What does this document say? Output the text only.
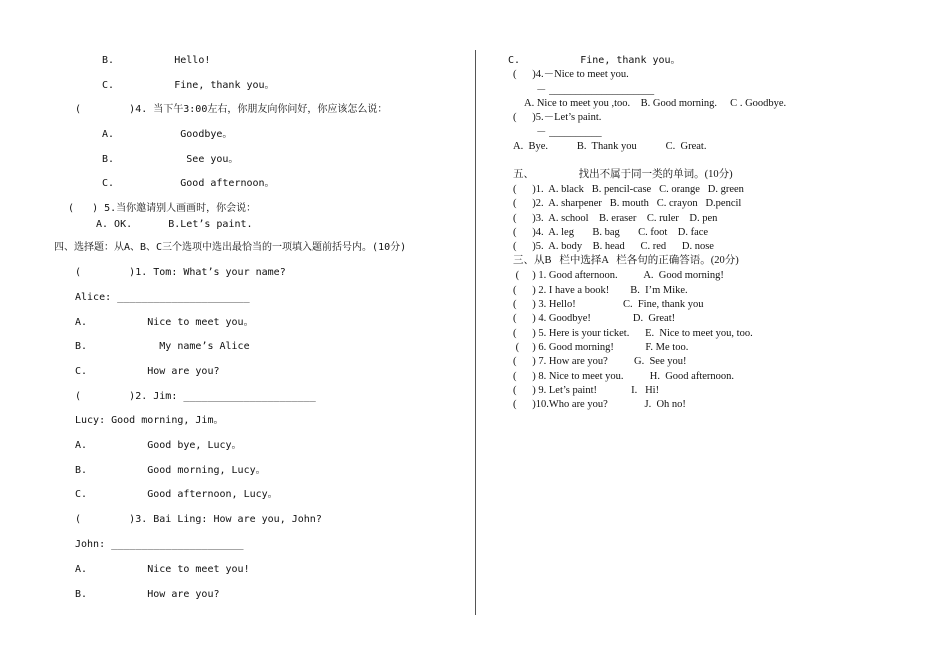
B.          Hello!
C.          Fine, thank you。
(        )4. 当下午3:00左右，你朋友向你问好，你应该怎么说：
A.           Goodbye。
B.            See you。
C.           Good afternoon。
(   ) 5.当你邀请别人画画时，你会说：
A. OK.      B.Let’s paint.
四、选择题：从A、B、C三个选项中选出最恰当的一项填入题前括号内。(10分)
(        )1. Tom: What’s your name?
Alice: ______________________
A.          Nice to meet you。
B.            My name’s Alice
C.          How are you?
(        )2. Jim: ______________________
Lucy: Good morning, Jim。
A.          Good bye, Lucy。
B.          Good morning, Lucy。
C.          Good afternoon, Lucy。
(        )3. Bai Ling: How are you, John?
John: ______________________
A.          Nice to meet you!
B.          How are you?
C.          Fine, thank you。
(      )4.－Nice to meet you.
－ ____________________
A. Nice to meet you ,too.    B. Good morning.     C . Goodbye.
(      )5.－Let’s paint.
－ __________
A.  Bye.           B.  Thank you           C.  Great.
五、                 找出不属于同一类的单词。(10分)
(      )1.  A. black   B. pencil-case   C. orange   D. green
(      )2.  A. sharpener   B. mouth   C. crayon   D.pencil
(      )3.  A. school    B. eraser    C. ruler    D. pen
(      )4.  A. leg       B. bag       C. foot    D. face
(      )5.  A. body    B. head      C. red      D. nose
三、从B   栏中选择A   栏各句的正确答语。(20分)
(     ) 1. Good afternoon.          A.  Good morning!
(      ) 2. I have a book!        B.  I’m Mike.
(      ) 3. Hello!                  C.  Fine, thank you
(      ) 4. Goodbye!                D.  Great!
(      ) 5. Here is your ticket.      E.  Nice to meet you, too.
(     ) 6. Good morning!            F. Me too.
(      ) 7. How are you?          G.  See you!
(      ) 8. Nice to meet you.          H.  Good afternoon.
(      ) 9. Let’s paint!             I.   Hi!
(      )10.Who are you?              J.  Oh no!
